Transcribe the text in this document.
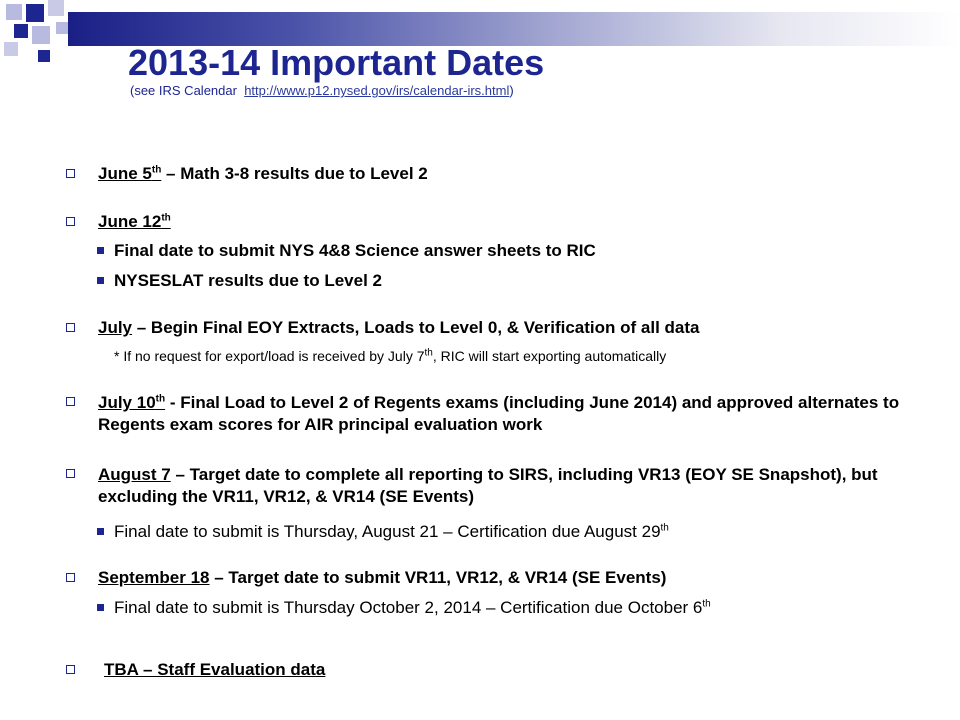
2013-14 Important Dates
(see IRS Calendar http://www.p12.nysed.gov/irs/calendar-irs.html)
June 5th – Math 3-8 results due to Level 2
June 12th
Final date to submit NYS 4&8 Science answer sheets to RIC
NYSESLAT results due to Level 2
July – Begin Final EOY Extracts, Loads to Level 0, & Verification of all data
* If no request for export/load is received by July 7th, RIC will start exporting automatically
July 10th - Final Load to Level 2 of Regents exams (including June 2014) and approved alternates to Regents exam scores for AIR principal evaluation work
August 7 – Target date to complete all reporting to SIRS, including VR13 (EOY SE Snapshot), but excluding the VR11, VR12, & VR14 (SE Events)
Final date to submit is Thursday, August 21 – Certification due August 29th
September 18 – Target date to submit VR11, VR12, & VR14 (SE Events)
Final date to submit is Thursday October 2, 2014 – Certification due October 6th
TBA – Staff Evaluation data
